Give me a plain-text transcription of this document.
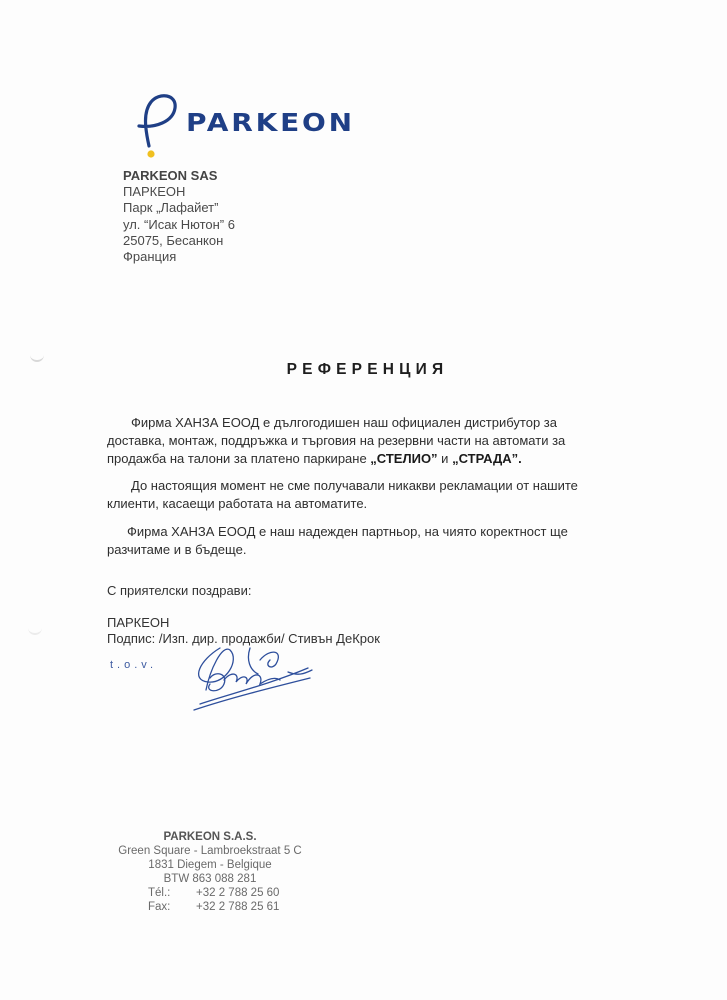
PARKEON
PARKEON SAS
ПАРКЕОН
Парк „Лафайет”
ул. “Исак Нютон” 6
25075, Бесанкон
Франция
РЕФЕРЕНЦИЯ
Фирма ХАНЗА ЕООД е дългогодишен наш официален дистрибутор за
доставка, монтаж, поддръжка и търговия на резервни части на автомати за
продажба на талони за платено паркиране „СТЕЛИО” и „СТРАДА”.
До настоящия момент не сме получавали никакви рекламации от нашите
клиенти, касаещи работата на автоматите.
Фирма ХАНЗА ЕООД е наш надежден партньор, на чиято коректност ще
разчитаме и в бъдеще.
С приятелски поздрави:
ПАРКЕОН
Подпис: /Изп. дир. продажби/ Стивън ДеКрок
t.o.v.
PARKEON S.A.S.
Green Square - Lambroekstraat 5 C
1831 Diegem - Belgique
BTW 863 088 281
Tél.:	+32 2 788 25 60
Fax:	+32 2 788 25 61
